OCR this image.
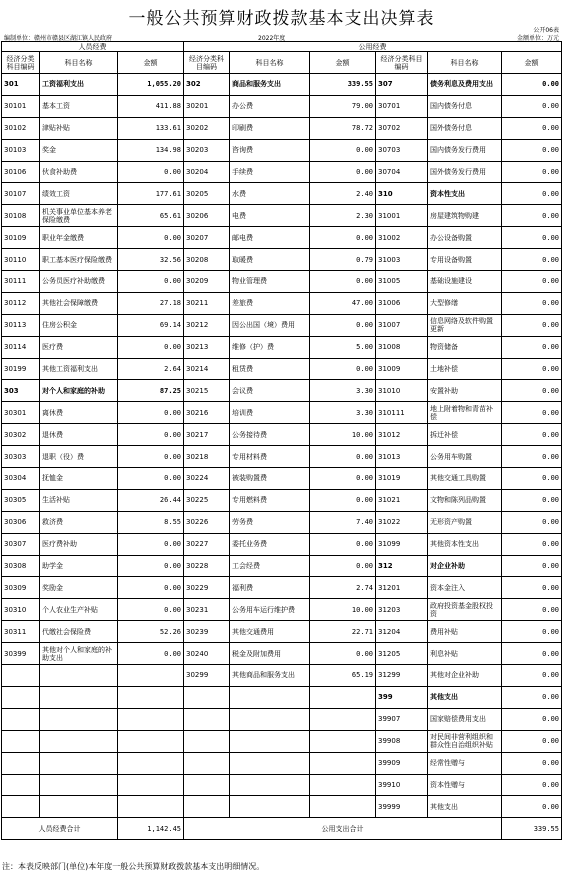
一般公共预算财政拨款基本支出决算表
公开06表
编制单位：赣州市赣县区湖江镇人民政府	2022年度	金额单位：万元
人员经费			公用经费					
经济分类科目编码	科目名称	金额	经济分类科目编码	科目名称	金额	经济分类科目编码	科目名称	金额
301	工资福利支出	1,055.20	302	商品和服务支出	339.55	307	债务利息及费用支出	0.00
30101	基本工资	411.88	30201	办公费	79.00	30701	国内债务付息	0.00
30102	津贴补贴	133.61	30202	印刷费	78.72	30702	国外债务付息	0.00
30103	奖金	134.98	30203	咨询费	0.00	30703	国内债务发行费用	0.00
30106	伙食补助费	0.00	30204	手续费	0.00	30704	国外债务发行费用	0.00
30107	绩效工资	177.61	30205	水费	2.40	310	资本性支出	0.00
30108	机关事业单位基本养老保险缴费	65.61	30206	电费	2.30	31001	房屋建筑物购建	0.00
30109	职业年金缴费	0.00	30207	邮电费	0.00	31002	办公设备购置	0.00
30110	职工基本医疗保险缴费	32.56	30208	取暖费	0.79	31003	专用设备购置	0.00
30111	公务员医疗补助缴费	0.00	30209	物业管理费	0.00	31005	基础设施建设	0.00
30112	其他社会保障缴费	27.18	30211	差旅费	47.00	31006	大型修缮	0.00
30113	住房公积金	69.14	30212	因公出国（境）费用	0.00	31007	信息网络及软件购置更新	0.00
30114	医疗费	0.00	30213	维修（护）费	5.00	31008	物资储备	0.00
30199	其他工资福利支出	2.64	30214	租赁费	0.00	31009	土地补偿	0.00
303	对个人和家庭的补助	87.25	30215	会议费	3.30	31010	安置补助	0.00
30301	离休费	0.00	30216	培训费	3.30	310111	地上附着物和青苗补偿	0.00
30302	退休费	0.00	30217	公务接待费	10.00	31012	拆迁补偿	0.00
30303	退职（役）费	0.00	30218	专用材料费	0.00	31013	公务用车购置	0.00
30304	抚恤金	0.00	30224	被装购置费	0.00	31019	其他交通工具购置	0.00
30305	生活补贴	26.44	30225	专用燃料费	0.00	31021	文物和陈列品购置	0.00
30306	救济费	8.55	30226	劳务费	7.40	31022	无形资产购置	0.00
30307	医疗费补助	0.00	30227	委托业务费	0.00	31099	其他资本性支出	0.00
30308	助学金	0.00	30228	工会经费	0.00	312	对企业补助	0.00
30309	奖励金	0.00	30229	福利费	2.74	31201	资本金注入	0.00
30310	个人农业生产补贴	0.00	30231	公务用车运行维护费	10.00	31203	政府投资基金股权投资	0.00
30311	代缴社会保险费	52.26	30239	其他交通费用	22.71	31204	费用补贴	0.00
30399	其他对个人和家庭的补助支出	0.00	30240	税金及附加费用	0.00	31205	利息补贴	0.00
			30299	其他商品和服务支出	65.19	31299	其他对企业补助	0.00
						399	其他支出	0.00
						39907	国家赔偿费用支出	0.00
						39908	对民间非营利组织和群众性自治组织补贴	0.00
						39909	经常性赠与	0.00
						39910	资本性赠与	0.00
						39999	其他支出	0.00
人员经费合计		1,142.45	公用支出合计					339.55
注：本表反映部门(单位)本年度一般公共预算财政拨款基本支出明细情况。
